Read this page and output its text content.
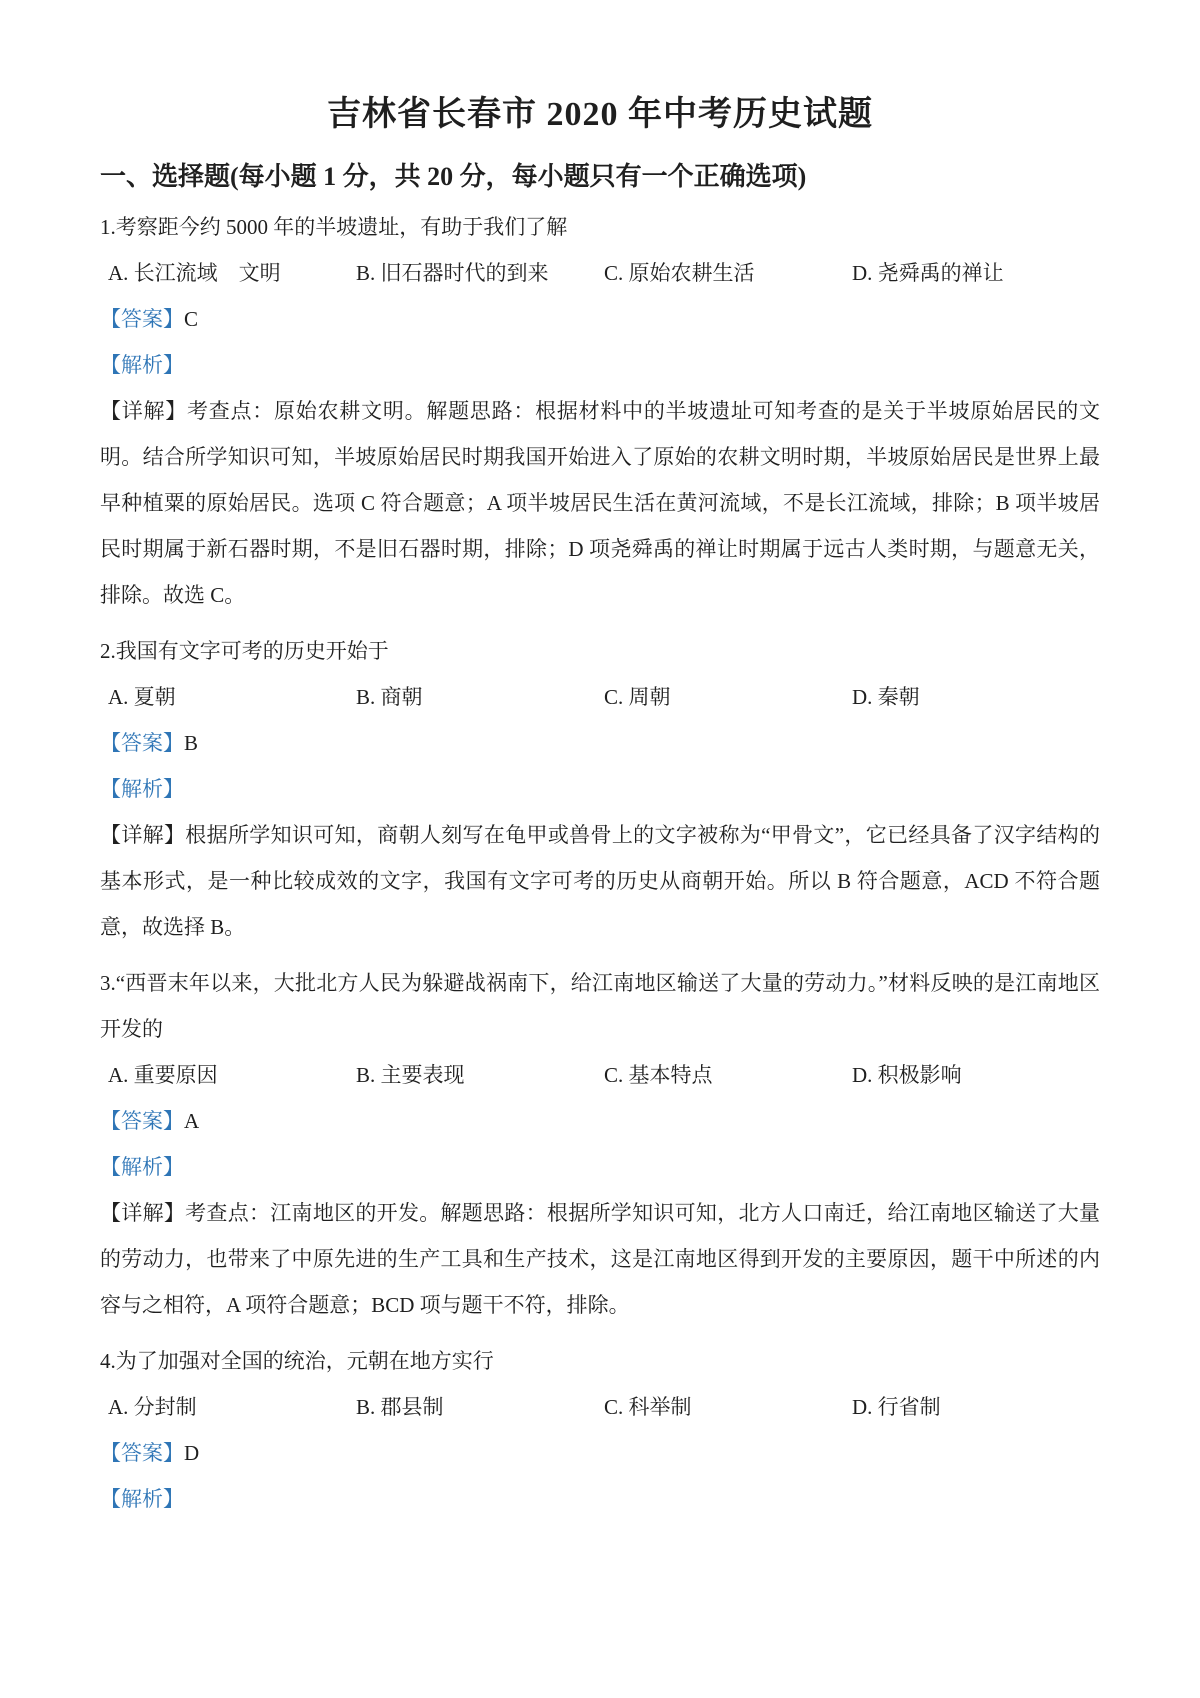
吉林省长春市 2020 年中考历史试题
一、选择题(每小题 1 分，共 20 分，每小题只有一个正确选项)

1.考察距今约 5000 年的半坡遗址，有助于我们了解

A. 长江流域　文明	B. 旧石器时代的到来	C. 原始农耕生活	D. 尧舜禹的禅让

【答案】C

【解析】

【详解】考查点：原始农耕文明。解题思路：根据材料中的半坡遗址可知考查的是关于半坡原始居民的文明。结合所学知识可知，半坡原始居民时期我国开始进入了原始的农耕文明时期，半坡原始居民是世界上最早种植粟的原始居民。选项 C 符合题意；A 项半坡居民生活在黄河流域，不是长江流域，排除；B 项半坡居民时期属于新石器时期，不是旧石器时期，排除；D 项尧舜禹的禅让时期属于远古人类时期，与题意无关，排除。故选 C。

2.我国有文字可考的历史开始于

A. 夏朝	B. 商朝	C. 周朝	D. 秦朝

【答案】B

【解析】

【详解】根据所学知识可知，商朝人刻写在龟甲或兽骨上的文字被称为“甲骨文”，它已经具备了汉字结构的基本形式，是一种比较成效的文字，我国有文字可考的历史从商朝开始。所以 B 符合题意，ACD 不符合题意，故选择 B。

3.“西晋末年以来，大批北方人民为躲避战祸南下，给江南地区输送了大量的劳动力。”材料反映的是江南地区开发的

A. 重要原因	B. 主要表现	C. 基本特点	D. 积极影响

【答案】A

【解析】

【详解】考查点：江南地区的开发。解题思路：根据所学知识可知，北方人口南迁，给江南地区输送了大量的劳动力，也带来了中原先进的生产工具和生产技术，这是江南地区得到开发的主要原因，题干中所述的内容与之相符，A 项符合题意；BCD 项与题干不符，排除。

4.为了加强对全国的统治，元朝在地方实行

A. 分封制	B. 郡县制	C. 科举制	D. 行省制

【答案】D

【解析】
